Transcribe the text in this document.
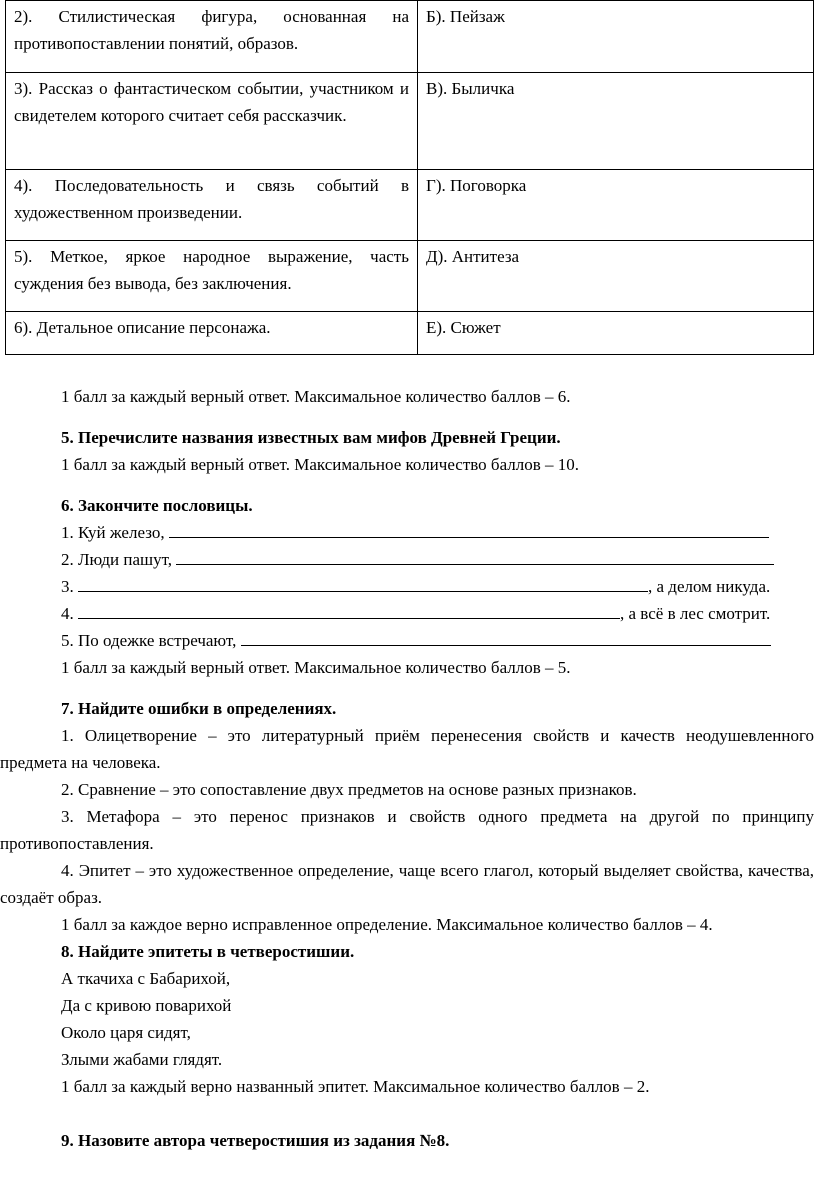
2). Стилистическая фигура, основанная на противопоставлении понятий, образов.	Б). Пейзаж
3). Рассказ о фантастическом событии, участником и свидетелем которого считает себя рассказчик.	В). Быличка
4). Последовательность и связь событий в художественном произведении.	Г). Поговорка
5). Меткое, яркое народное выражение, часть суждения без вывода, без заключения.	Д). Антитеза
6). Детальное описание персонажа.	Е). Сюжет

1 балл за каждый верный ответ. Максимальное количество баллов – 6.

5. Перечислите названия известных вам мифов Древней Греции.

1 балл за каждый верный ответ. Максимальное количество баллов – 10.

6. Закончите пословицы.

1. Куй железо,

2. Люди пашут,

3.	, а делом никуда.

4.	, а всё в лес смотрит.

5. По одежке встречают,

1 балл за каждый верный ответ. Максимальное количество баллов – 5.

7. Найдите ошибки в определениях.

1. Олицетворение – это литературный приём перенесения свойств и качеств неодушевленного предмета на человека.

2. Сравнение – это сопоставление двух предметов на основе разных признаков.

3. Метафора – это перенос признаков и свойств одного предмета на другой по принципу противопоставления.

4. Эпитет – это художественное определение, чаще всего глагол, который выделяет свойства, качества, создаёт образ.

1 балл за каждое верно исправленное определение. Максимальное количество баллов – 4.

8. Найдите эпитеты в четверостишии.

А ткачиха с Бабарихой,

Да с кривою поварихой

Около царя сидят,

Злыми жабами глядят.

1 балл за каждый верно названный эпитет. Максимальное количество баллов – 2.

9. Назовите автора четверостишия из задания №8.
